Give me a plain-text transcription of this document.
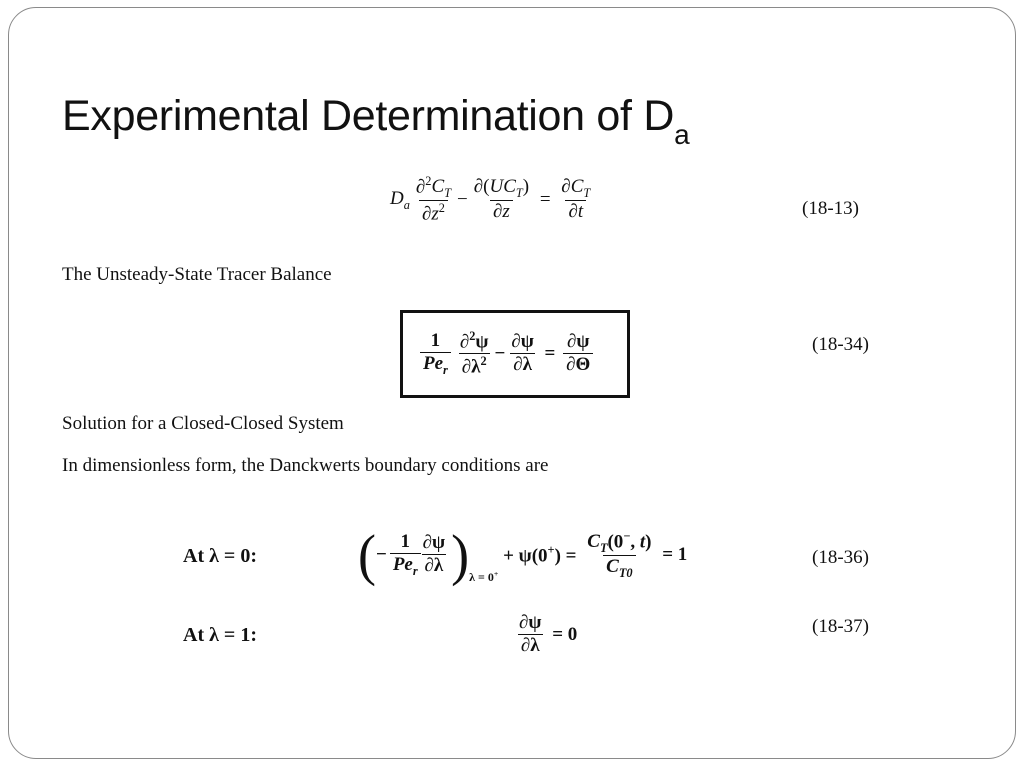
Experimental Determination of $D_a$
$D_a \frac{\partial^2C_T}{\partial z^2} - \frac{\partial(UC_T)}{\partial z} = \frac{\partial C_T}{\partial t}$	(18-13)
The Unsteady-State Tracer Balance
$\frac{1}{Pe_r} \frac{\partial^2\psi}{\partial\lambda^2} - \frac{\partial\psi}{\partial\lambda} = \frac{\partial\psi}{\partial\Theta}$	(18-34)
Solution for a Closed-Closed System
In dimensionless form, the Danckwerts boundary conditions are
At λ = 0: ( − $\frac{1}{Pe_r} \frac{\partial\psi}{\partial\lambda}$ ) λ = 0+
+ $\psi(0^+) = \frac{C_T(0^-, t)}{C_{T0}} = 1$	(18-36)
At λ = 1:	$\frac{\partial\psi}{\partial\lambda} = 0$	(18-37)
